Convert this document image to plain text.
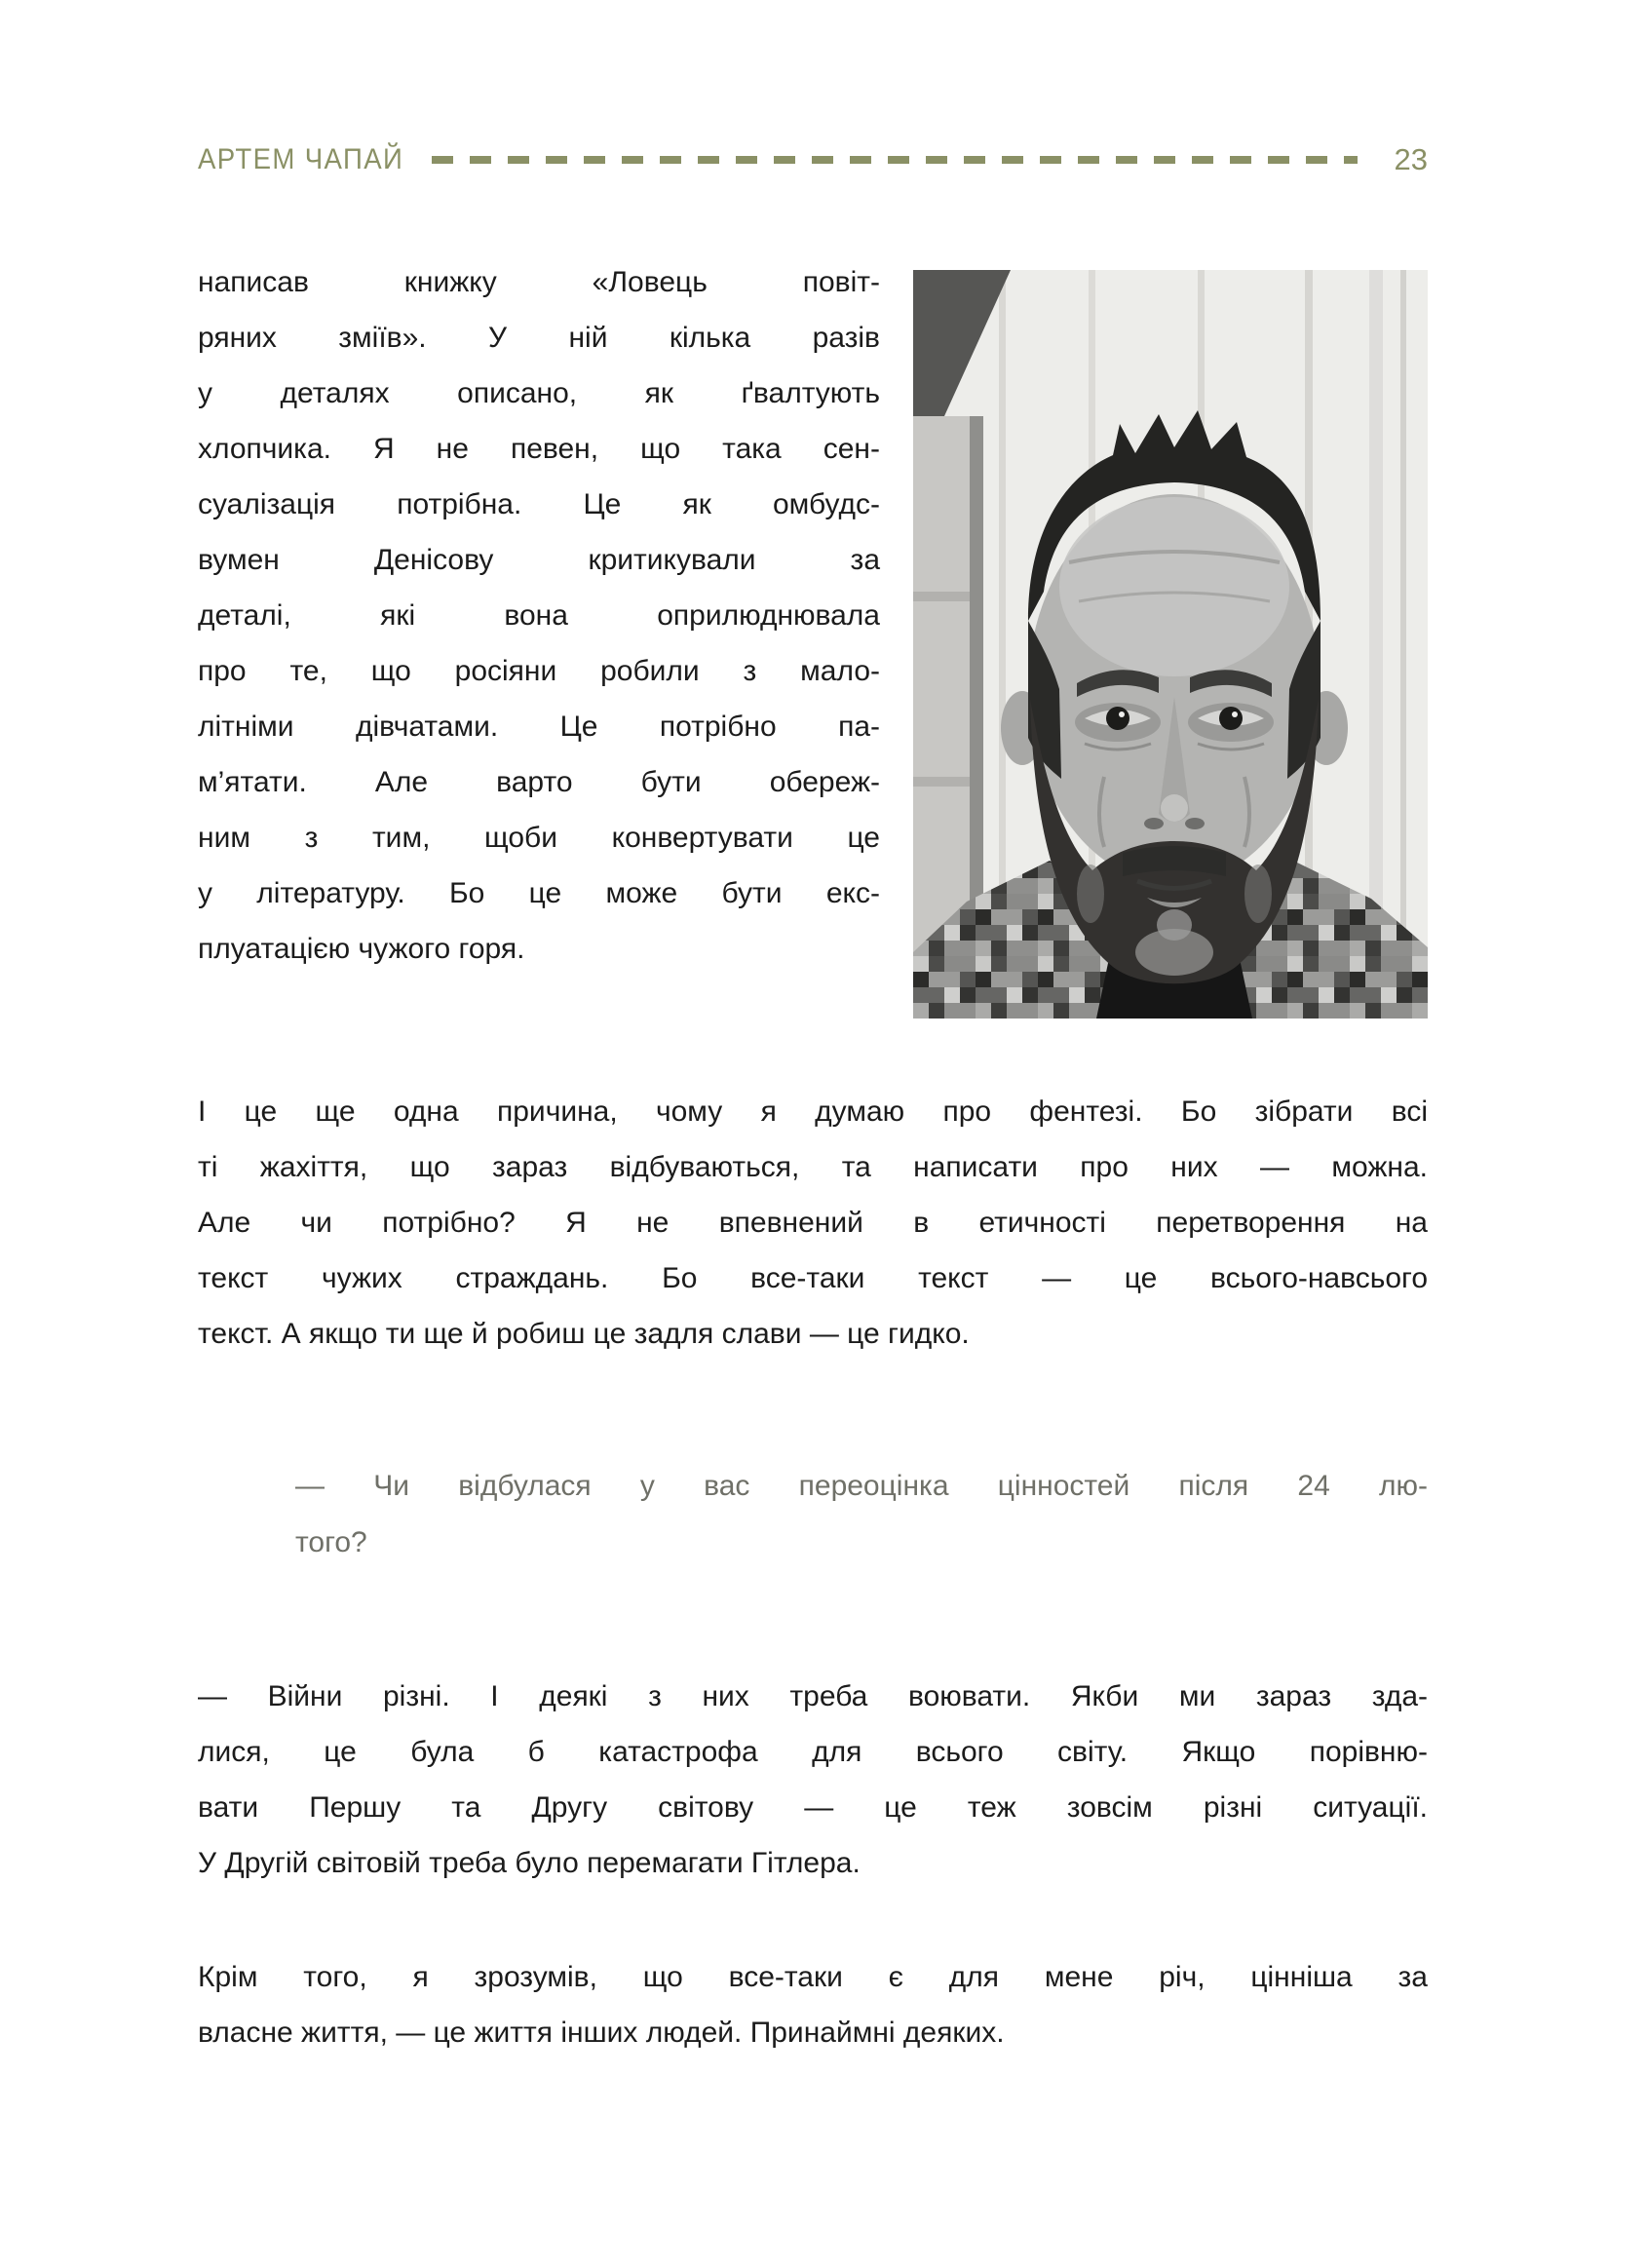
АРТЕМ ЧАПАЙ	23
написав книжку «Ловець повіт-
ряних зміїв». У ній кілька разів
у деталях описано, як ґвалтують
хлопчика. Я не певен, що така сен-
суалізація потрібна. Це як омбудс-
вумен Денісову критикували за
деталі, які вона оприлюднювала
про те, що росіяни робили з мало-
літніми дівчатами. Це потрібно па-
м’ятати. Але варто бути обереж-
ним з тим, щоби конвертувати це
у літературу. Бо це може бути екс-
плуатацією чужого горя.
І це ще одна причина, чому я думаю про фентезі. Бо зібрати всі
ті жахіття, що зараз відбуваються, та написати про них — можна.
Але чи потрібно? Я не впевнений в етичності перетворення на
текст чужих страждань. Бо все-таки текст — це всього-навсього
текст. А якщо ти ще й робиш це задля слави — це гидко.
— Чи відбулася у вас переоцінка цінностей після 24 лю-
того?
— Війни різні. І деякі з них треба воювати. Якби ми зараз зда-
лися, це була б катастрофа для всього світу. Якщо порівню-
вати Першу та Другу світову — це теж зовсім різні ситуації.
У Другій світовій треба було перемагати Гітлера.
Крім того, я зрозумів, що все-таки є для мене річ, цінніша за
власне життя, — це життя інших людей. Принаймні деяких.
